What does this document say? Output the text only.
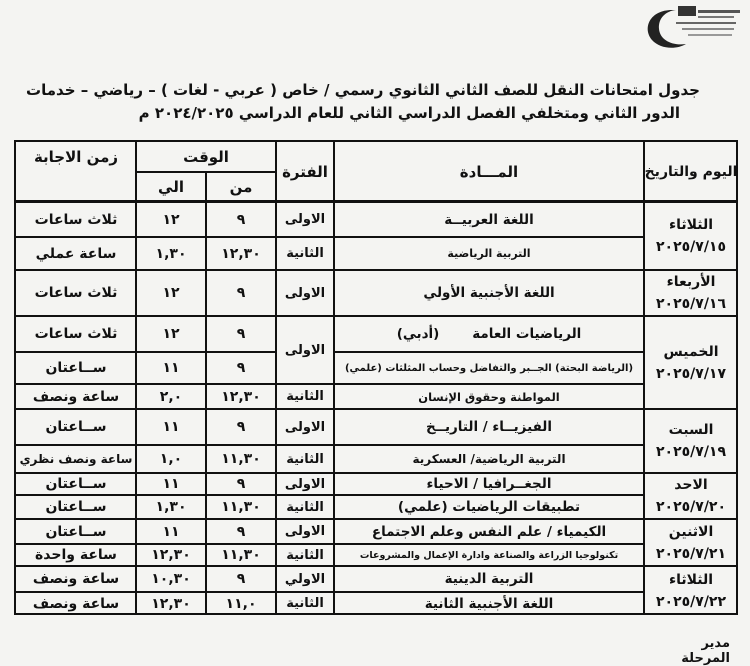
جدول امتحانات النقل للصف الثاني الثانوي رسمي / خاص ( عربي - لغات ) – رياضي – خدمات
الدور الثاني ومتخلفي الفصل الدراسي الثاني للعام الدراسي ٢٠٢٤/٢٠٢٥ م
اليوم والتاريخ
المـــادة
الفترة
الوقت
من
الي
زمن الاجابة
الثلاثاء
٢٠٢٥/٧/١٥
الأربعاء
٢٠٢٥/٧/١٦
الخميس
٢٠٢٥/٧/١٧
السبت
٢٠٢٥/٧/١٩
الاحد
٢٠٢٥/٧/٢٠
الاثنين
٢٠٢٥/٧/٢١
الثلاثاء
٢٠٢٥/٧/٢٢
الاولى
الثانية
الاولى
الاولى
الثانية
الاولى
الثانية
الاولى
الثانية
الاولى
الثانية
الاولي
الثانية
اللغة العربيــة
٩
١٢
ثلاث ساعات
التربية الرياضية
١٢,٣٠
١,٣٠
ساعة عملي
اللغة الأجنبية الأولي
٩
١٢
ثلاث ساعات
الرياضيات العامة       (أدبي)
٩
١٢
ثلاث ساعات
(الرياضة البحتة) الجــبر والتفاضل وحساب المثلثات (علمي)
٩
١١
ســاعتان
المواطنة وحقوق الإنسان
١٢,٣٠
٢,٠
ساعة ونصف
الفيزيــاء / التاريــخ
٩
١١
ســاعتان
التربية الرياضية/ العسكرية
١١,٣٠
١,٠
ساعة ونصف نظري
الجغــرافيا / الاحياء
٩
١١
ســاعتان
تطبيقات الرياضيات (علمي)
١١,٣٠
١,٣٠
ســاعتان
الكيمياء / علم النفس وعلم الاجتماع
٩
١١
ســاعتان
تكنولوجيا الزراعة والصناعة وادارة الإعمال والمشروعات
١١,٣٠
١٢,٣٠
ساعة واحدة
التربية الدينية
٩
١٠,٣٠
ساعة ونصف
اللغة الأجنبية الثانية
١١,٠
١٢,٣٠
ساعة ونصف
مدير المرحلة
